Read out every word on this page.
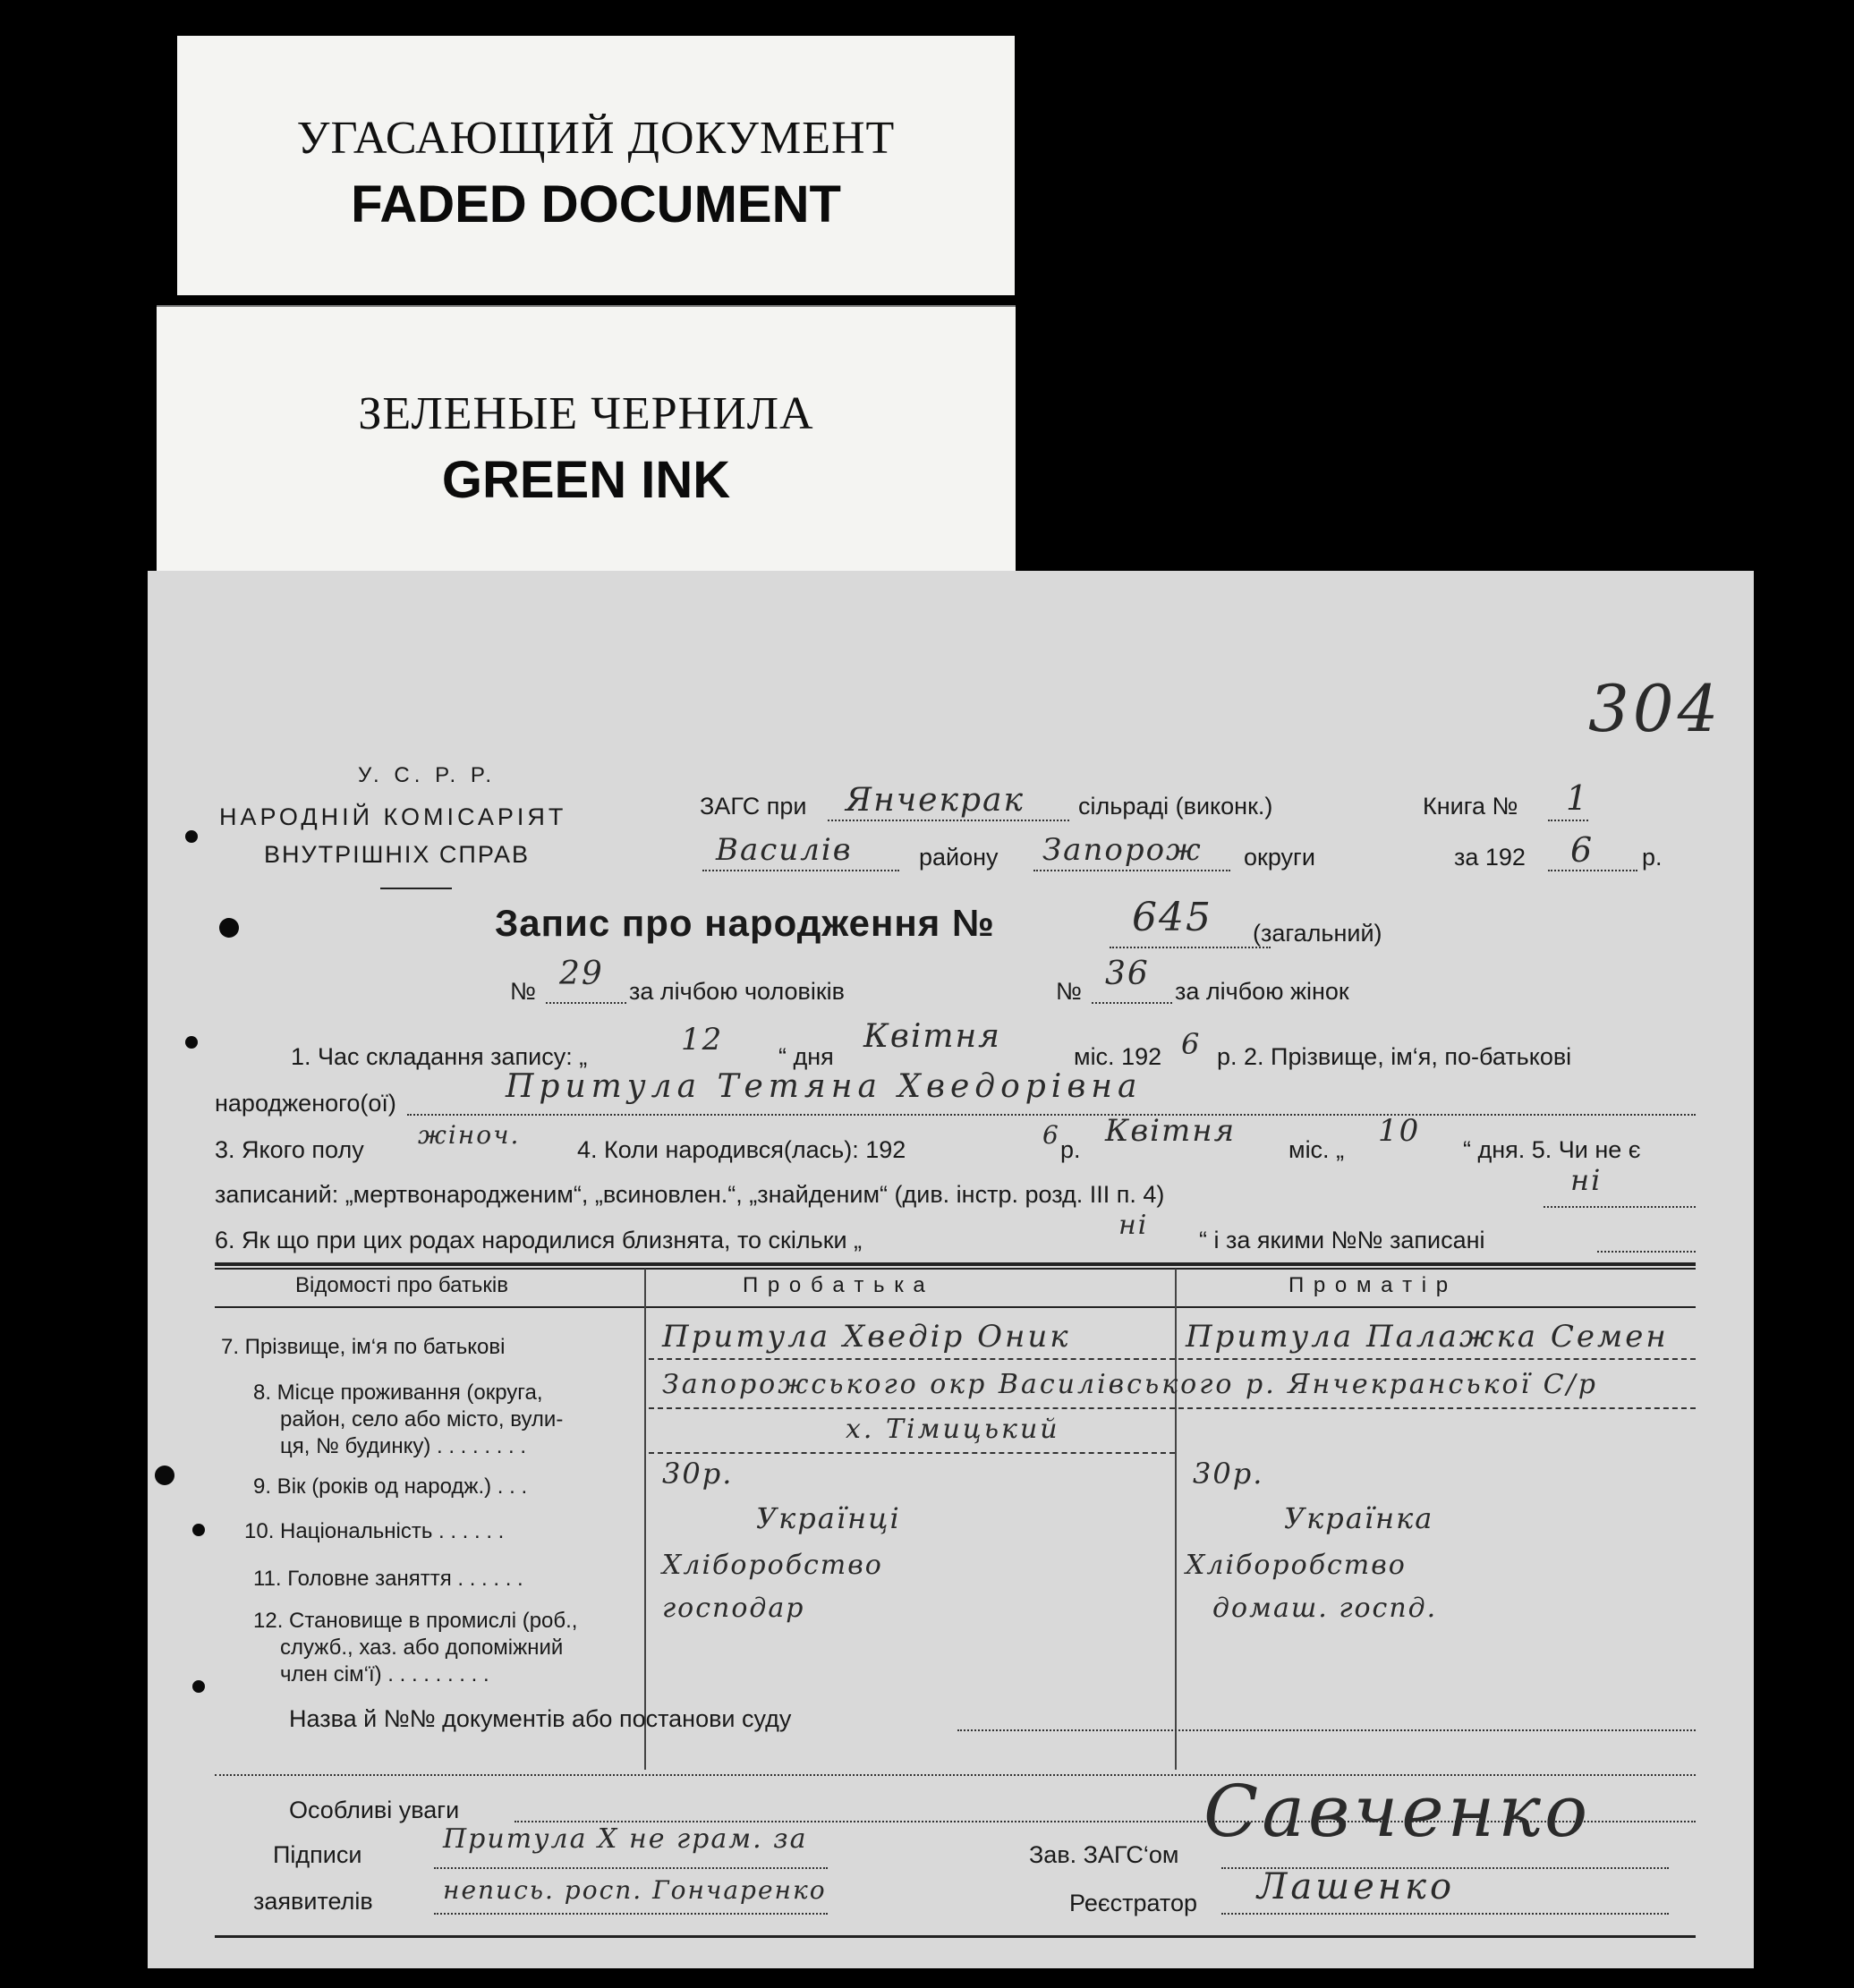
УГАСАЮЩИЙ ДОКУМЕНТ
FADED DOCUMENT
ЗЕЛЕНЫЕ ЧЕРНИЛА
GREEN INK
304
У. С. Р. Р.
НАРОДНІЙ КОМІСАРІЯТ
ВНУТРІШНІХ СПРАВ
ЗАГС при Янчекрак сільраді (виконк.)	Книга № 1
Василів	району Запорож округи	за 192 6 р.
Запис про народження №	645 (загальний)
№ 29 за лічбою чоловіків	№ 36 за лічбою жінок
1. Час складання запису: „	12 “ дня
Квітня
міс. 192 6 р. 2. Прізвище, ім‘я, по-батькові
народженого(ої)	Притула Тетяна Хведорівна
3. Якого полу жіноч. 4. Коли народився(лась): 192	6 р.
Квітня
міс. „
10
“ дня. 5. Чи не є
записаний: „мертвонародженим“, „всиновлен.“, „знайденим“ (див. інстр. розд. III п. 4)	ні
6. Як що при цих родах народилися близнята, то скільки „	ні “ і за якими №№ записані
Відомості про батьків	П р о б а т ь к а	П р о м а т і р
7. Прізвище, ім‘я по батькові	Притула Хведір Оник	Притула Палажка Семен
8. Місце проживання (округа,
район, село або місто, вули-
ця, № будинку) . . . . . . . .
Запорожського окр Василівського р. Янчекранської С/р
х. Тімицький
9. Вік (років од народж.) . . .	30р.	30р.
10. Національність . . . . . .	Українці	Українка
11. Головне заняття . . . . . .	Хліборобство	Хліборобство
12. Становище в промислі (роб.,
служб., хаз. або допоміжний
член сім‘ї) . . . . . . . . .
господар	домаш. госпд.
Назва й №№ документів або постанови суду
Особливі уваги
Підписи
заявителів
Притула Х не грам. за
непись. росп. Гончаренко
Зав. ЗАГС‘ом
Реєстратор
Савченко
Лашенко
